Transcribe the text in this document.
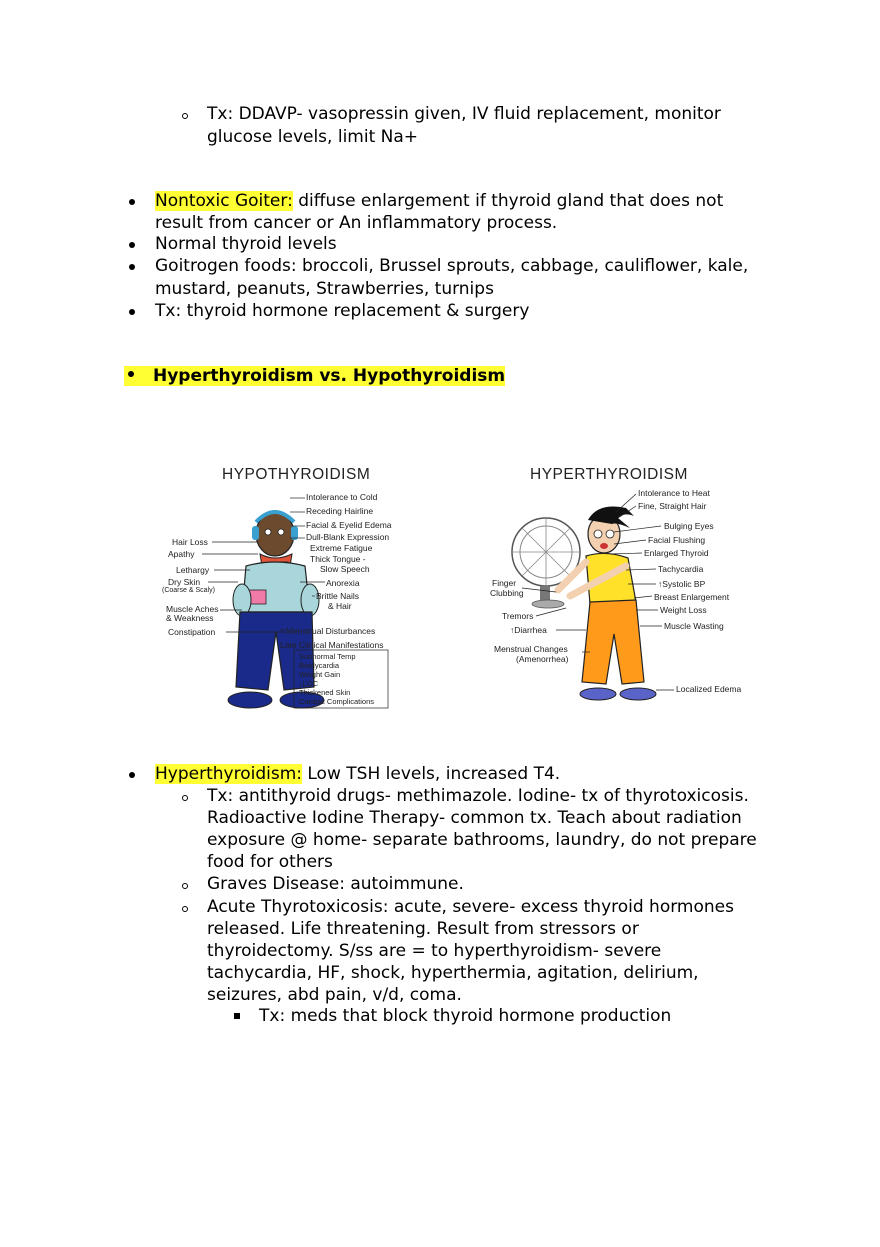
Tx: DDAVP- vasopressin given, IV fluid replacement, monitor
glucose levels, limit Na+
Nontoxic Goiter: diffuse enlargement if thyroid gland that does not
result from cancer or An inflammatory process.
Normal thyroid levels
Goitrogen foods: broccoli, Brussel sprouts, cabbage, cauliflower, kale,
mustard, peanuts, Strawberries, turnips
Tx: thyroid hormone replacement & surgery
Hyperthyroidism vs. Hypothyroidism
HYPOTHYROIDISM
Intolerance to Cold
Receding Hairline
Facial & Eyelid Edema
Dull-Blank Expression
Extreme Fatigue
Thick Tongue -
Slow Speech
Anorexia
Brittle Nails
& Hair
Menstrual Disturbances
Late Clinical Manifestations
Subnormal Temp
Bradycardia
Weight Gain
↓LOC
Thickened Skin
Cardiac Complications
Hair Loss
Apathy
Lethargy
Dry Skin
(Coarse & Scaly)
Muscle Aches
& Weakness
Constipation
HYPERTHYROIDISM
Intolerance to Heat
Fine, Straight Hair
Bulging Eyes
Facial Flushing
Enlarged Thyroid
Tachycardia
↑Systolic BP
Breast Enlargement
Weight Loss
Muscle Wasting
Localized Edema
Finger
Clubbing
Tremors
↑Diarrhea
Menstrual Changes
(Amenorrhea)
Hyperthyroidism: Low TSH levels, increased T4.
Tx: antithyroid drugs- methimazole. Iodine- tx of thyrotoxicosis.
Radioactive Iodine Therapy- common tx. Teach about radiation
exposure @ home- separate bathrooms, laundry, do not prepare
food for others
Graves Disease: autoimmune.
Acute Thyrotoxicosis: acute, severe- excess thyroid hormones
released. Life threatening. Result from stressors or
thyroidectomy. S/ss are = to hyperthyroidism- severe
tachycardia, HF, shock, hyperthermia, agitation, delirium,
seizures, abd pain, v/d, coma.
Tx: meds that block thyroid hormone production
